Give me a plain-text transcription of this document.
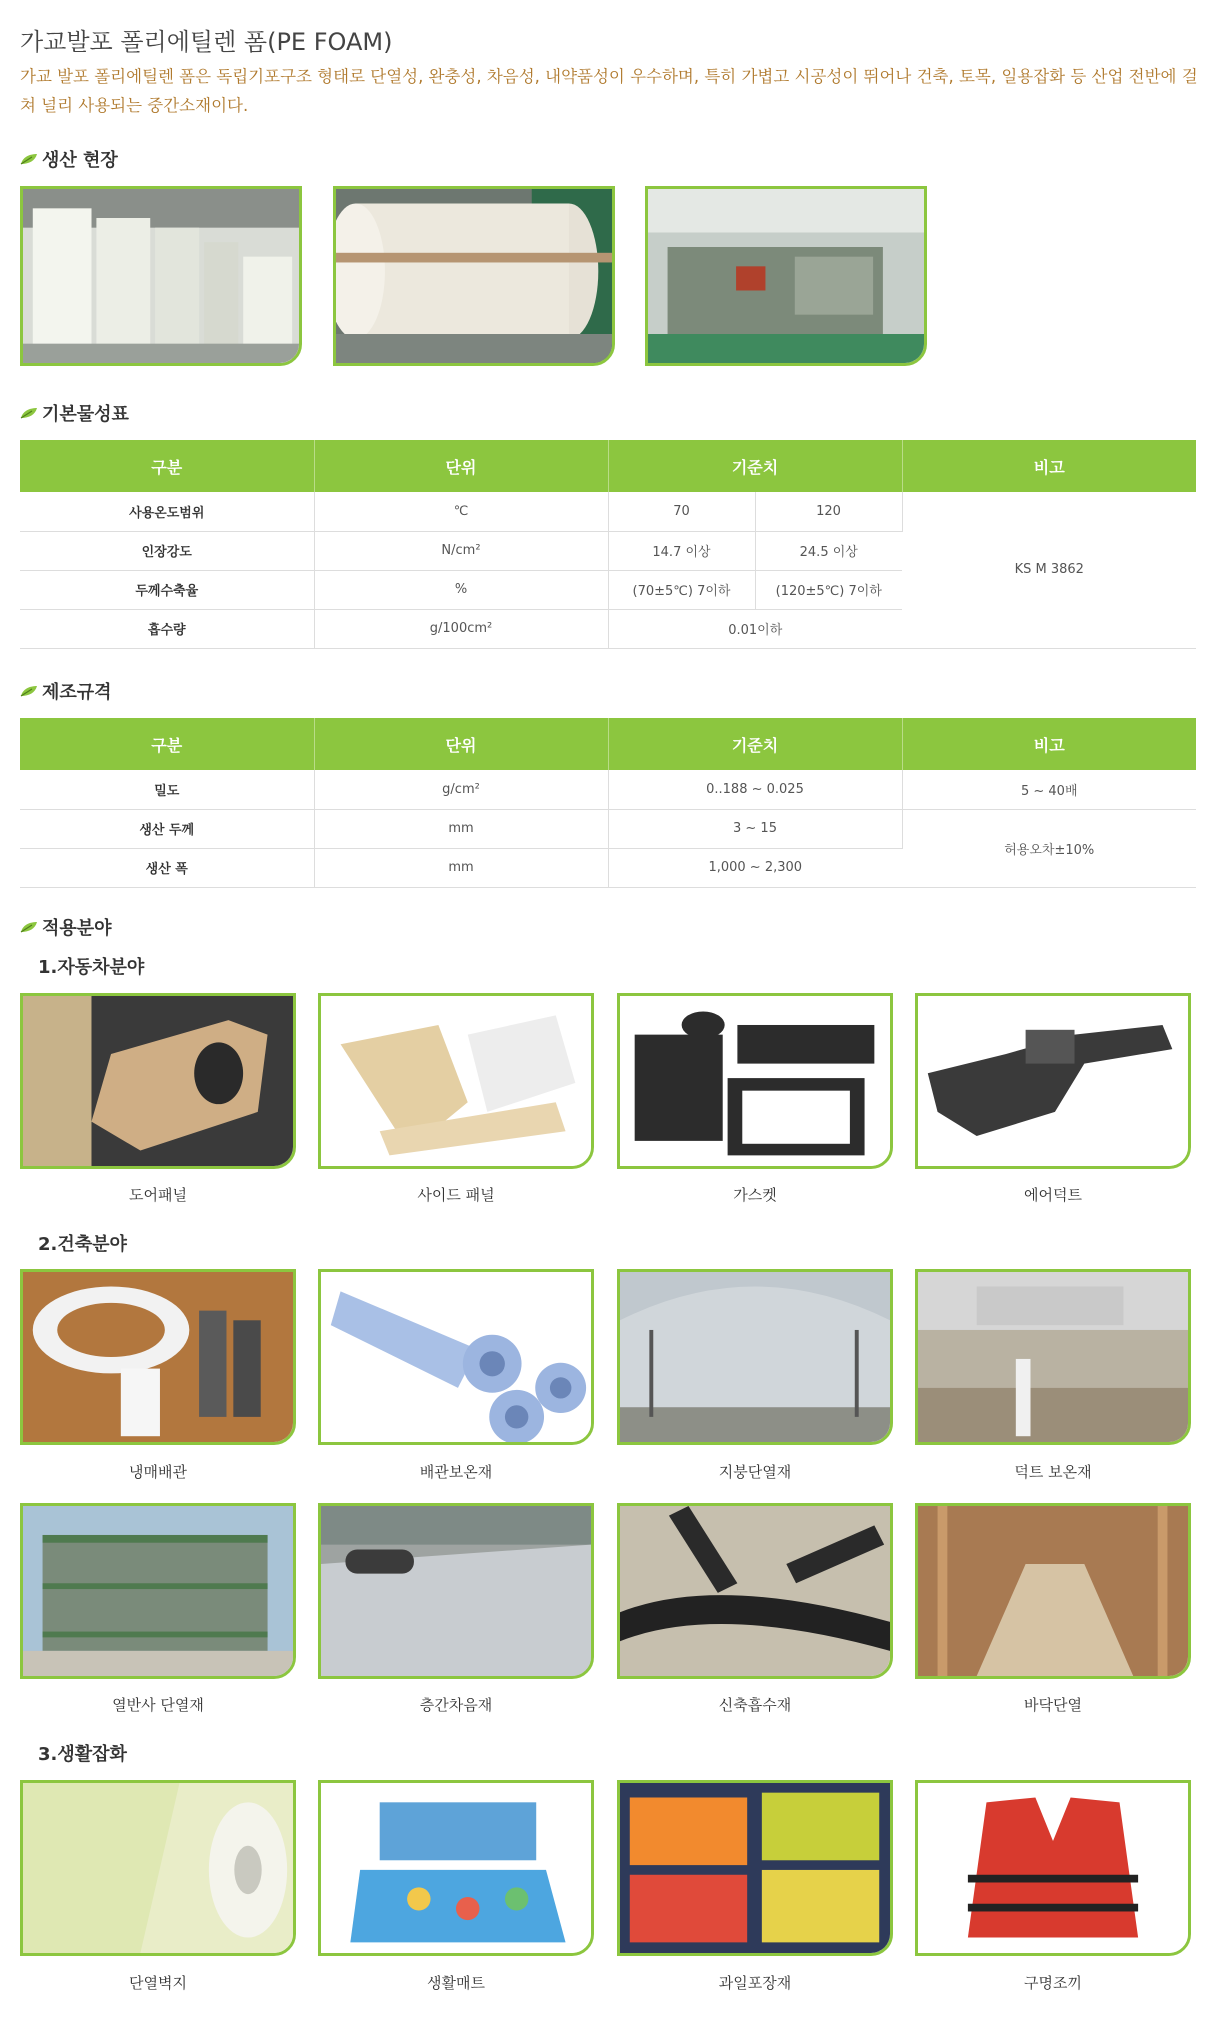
가교발포 폴리에틸렌 폼(PE FOAM)

가교 발포 폴리에틸렌 폼은 독립기포구조 형태로 단열성, 완충성, 차음성, 내약품성이 우수하며, 특히 가볍고 시공성이 뛰어나 건축, 토목, 일용잡화 등 산업 전반에 걸쳐 널리 사용되는 중간소재이다.

생산 현장
기본물성표
구분	단위	기준치		비고
사용온도범위	℃	70	120	KS M 3862
인장강도	N/cm²	14.7 이상	24.5 이상	
두께수축율	%	(70±5℃) 7이하	(120±5℃) 7이하	
흡수량	g/100cm²	0.01이하		
제조규격
구분	단위	기준치	비고
밀도	g/cm²	0..188 ~ 0.025	5 ~ 40배
생산 두께	mm	3 ~ 15	허용오차±10%
생산 폭	mm	1,000 ~ 2,300	
적용분야
1.자동차분야
도어패널	사이드 패널	가스켓	에어덕트
2.건축분야
냉매배관	배관보온재	지붕단열재	덕트 보온재
열반사 단열재	층간차음재	신축흡수재	바닥단열
3.생활잡화
단열벽지	생활매트	과일포장재	구명조끼
